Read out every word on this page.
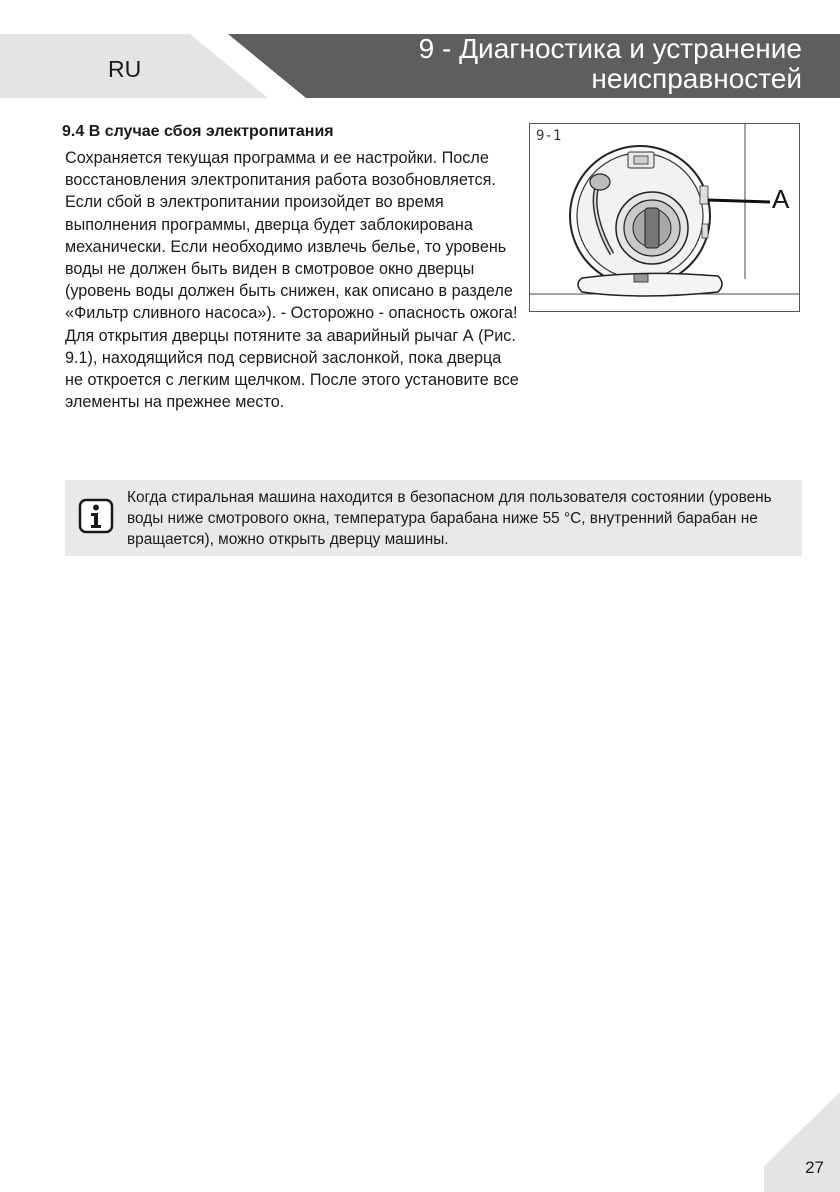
RU
9 - Диагностика и устранение неисправностей
9.4 В случае сбоя электропитания

Сохраняется текущая программа и ее настройки. После восстановления электропитания работа возобновляется.

Если сбой в электропитании произойдет во время выполнения программы, дверца будет заблокирована механически. Если необходимо извлечь белье, то уровень воды не должен быть виден в смотровое окно дверцы (уровень воды должен быть снижен, как описано в разделе «Фильтр сливного насоса»). - Осторожно - опасность ожога!

Для открытия дверцы потяните за аварийный рычаг А (Рис. 9.1), находящийся под сервисной заслонкой, пока дверца не откроется с легким щелчком. После этого установите все элементы на прежнее место.

9-1
A
Когда стиральная машина находится в безопасном для пользователя состоянии (уровень воды ниже смотрового окна, температура барабана ниже 55 °C, внутренний барабан не вращается), можно открыть дверцу машины.
27
